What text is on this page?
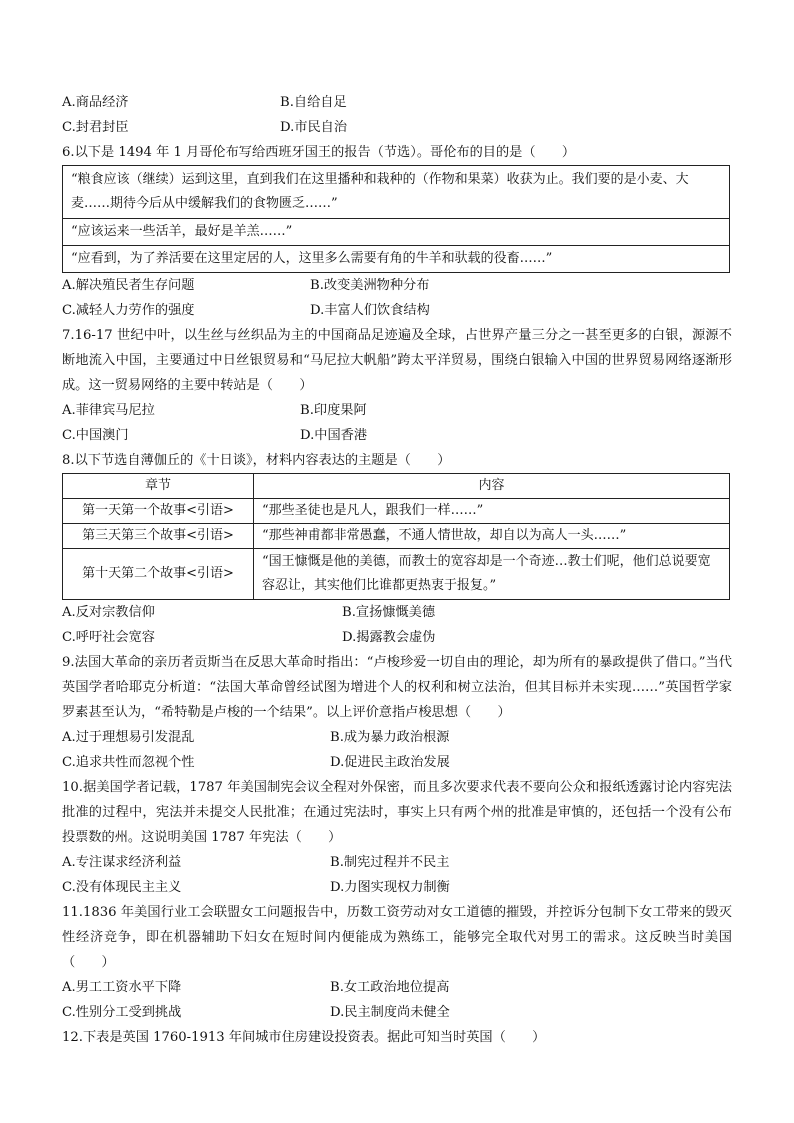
A.商品经济	B.自给自足
C.封君封臣	D.市民自治
6.以下是 1494 年 1 月哥伦布写给西班牙国王的报告（节选）。哥伦布的目的是（　　）
“粮食应该（继续）运到这里，直到我们在这里播种和栽种的（作物和果菜）收获为止。我们要的是小麦、大麦……期待今后从中缓解我们的食物匮乏……”
“应该运来一些活羊，最好是羊羔……”
“应看到，为了养活要在这里定居的人，这里多么需要有角的牛羊和驮载的役畜……”
A.解决殖民者生存问题	B.改变美洲物种分布
C.减轻人力劳作的强度	D.丰富人们饮食结构
7.16-17 世纪中叶，以生丝与丝织品为主的中国商品足迹遍及全球，占世界产量三分之一甚至更多的白银，源源不断地流入中国，主要通过中日丝银贸易和“马尼拉大帆船”跨太平洋贸易，围绕白银输入中国的世界贸易网络逐渐形成。这一贸易网络的主要中转站是（　　）
A.菲律宾马尼拉	B.印度果阿
C.中国澳门	D.中国香港
8.以下节选自薄伽丘的《十日谈》，材料内容表达的主题是（　　）
章节	内容
第一天第一个故事<引语>	“那些圣徒也是凡人，跟我们一样……”
第三天第三个故事<引语>	“那些神甫都非常愚蠢，不通人情世故，却自以为高人一头……”
第十天第二个故事<引语>	“国王慷慨是他的美德，而教士的宽容却是一个奇迹…教士们呢，他们总说要宽容忍让，其实他们比谁都更热衷于报复。”
A.反对宗教信仰	B.宣扬慷慨美德
C.呼吁社会宽容	D.揭露教会虚伪
9.法国大革命的亲历者贡斯当在反思大革命时指出：“卢梭珍爱一切自由的理论，却为所有的暴政提供了借口。”当代英国学者哈耶克分析道：“法国大革命曾经试图为增进个人的权利和树立法治，但其目标并未实现……”英国哲学家罗素甚至认为，“希特勒是卢梭的一个结果”。以上评价意指卢梭思想（　　）
A.过于理想易引发混乱	B.成为暴力政治根源
C.追求共性而忽视个性	D.促进民主政治发展
10.据美国学者记载，1787 年美国制宪会议全程对外保密，而且多次要求代表不要向公众和报纸透露讨论内容宪法批准的过程中，宪法并未提交人民批准；在通过宪法时，事实上只有两个州的批准是审慎的，还包括一个没有公布投票数的州。这说明美国 1787 年宪法（　　）
A.专注谋求经济利益	B.制宪过程并不民主
C.没有体现民主主义	D.力图实现权力制衡
11.1836 年美国行业工会联盟女工问题报告中，历数工资劳动对女工道德的摧毁，并控诉分包制下女工带来的毁灭性经济竞争，即在机器辅助下妇女在短时间内便能成为熟练工，能够完全取代对男工的需求。这反映当时美国（　　）
A.男工工资水平下降	B.女工政治地位提高
C.性别分工受到挑战	D.民主制度尚未健全
12.下表是英国 1760-1913 年间城市住房建设投资表。据此可知当时英国（　　）
